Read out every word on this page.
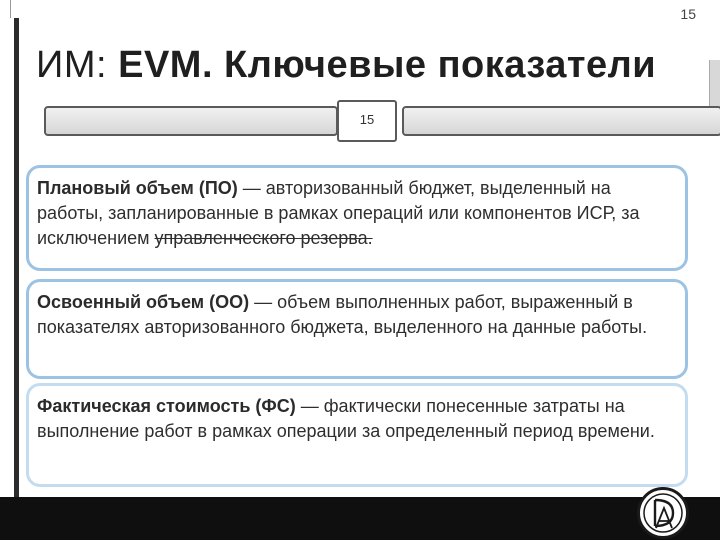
15
ИМ: EVM. Ключевые показатели
15
Плановый объем (ПО) — авторизованный бюджет, выделенный на работы, запланированные в рамках операций или компонентов ИСР, за исключением управленческого резерва.
Освоенный объем (ОО) — объем выполненных работ, выраженный в показателях авторизованного бюджета, выделенного на данные работы.
Фактическая стоимость (ФС) — фактически понесенные затраты на выполнение работ в рамках операции за определенный период времени.
